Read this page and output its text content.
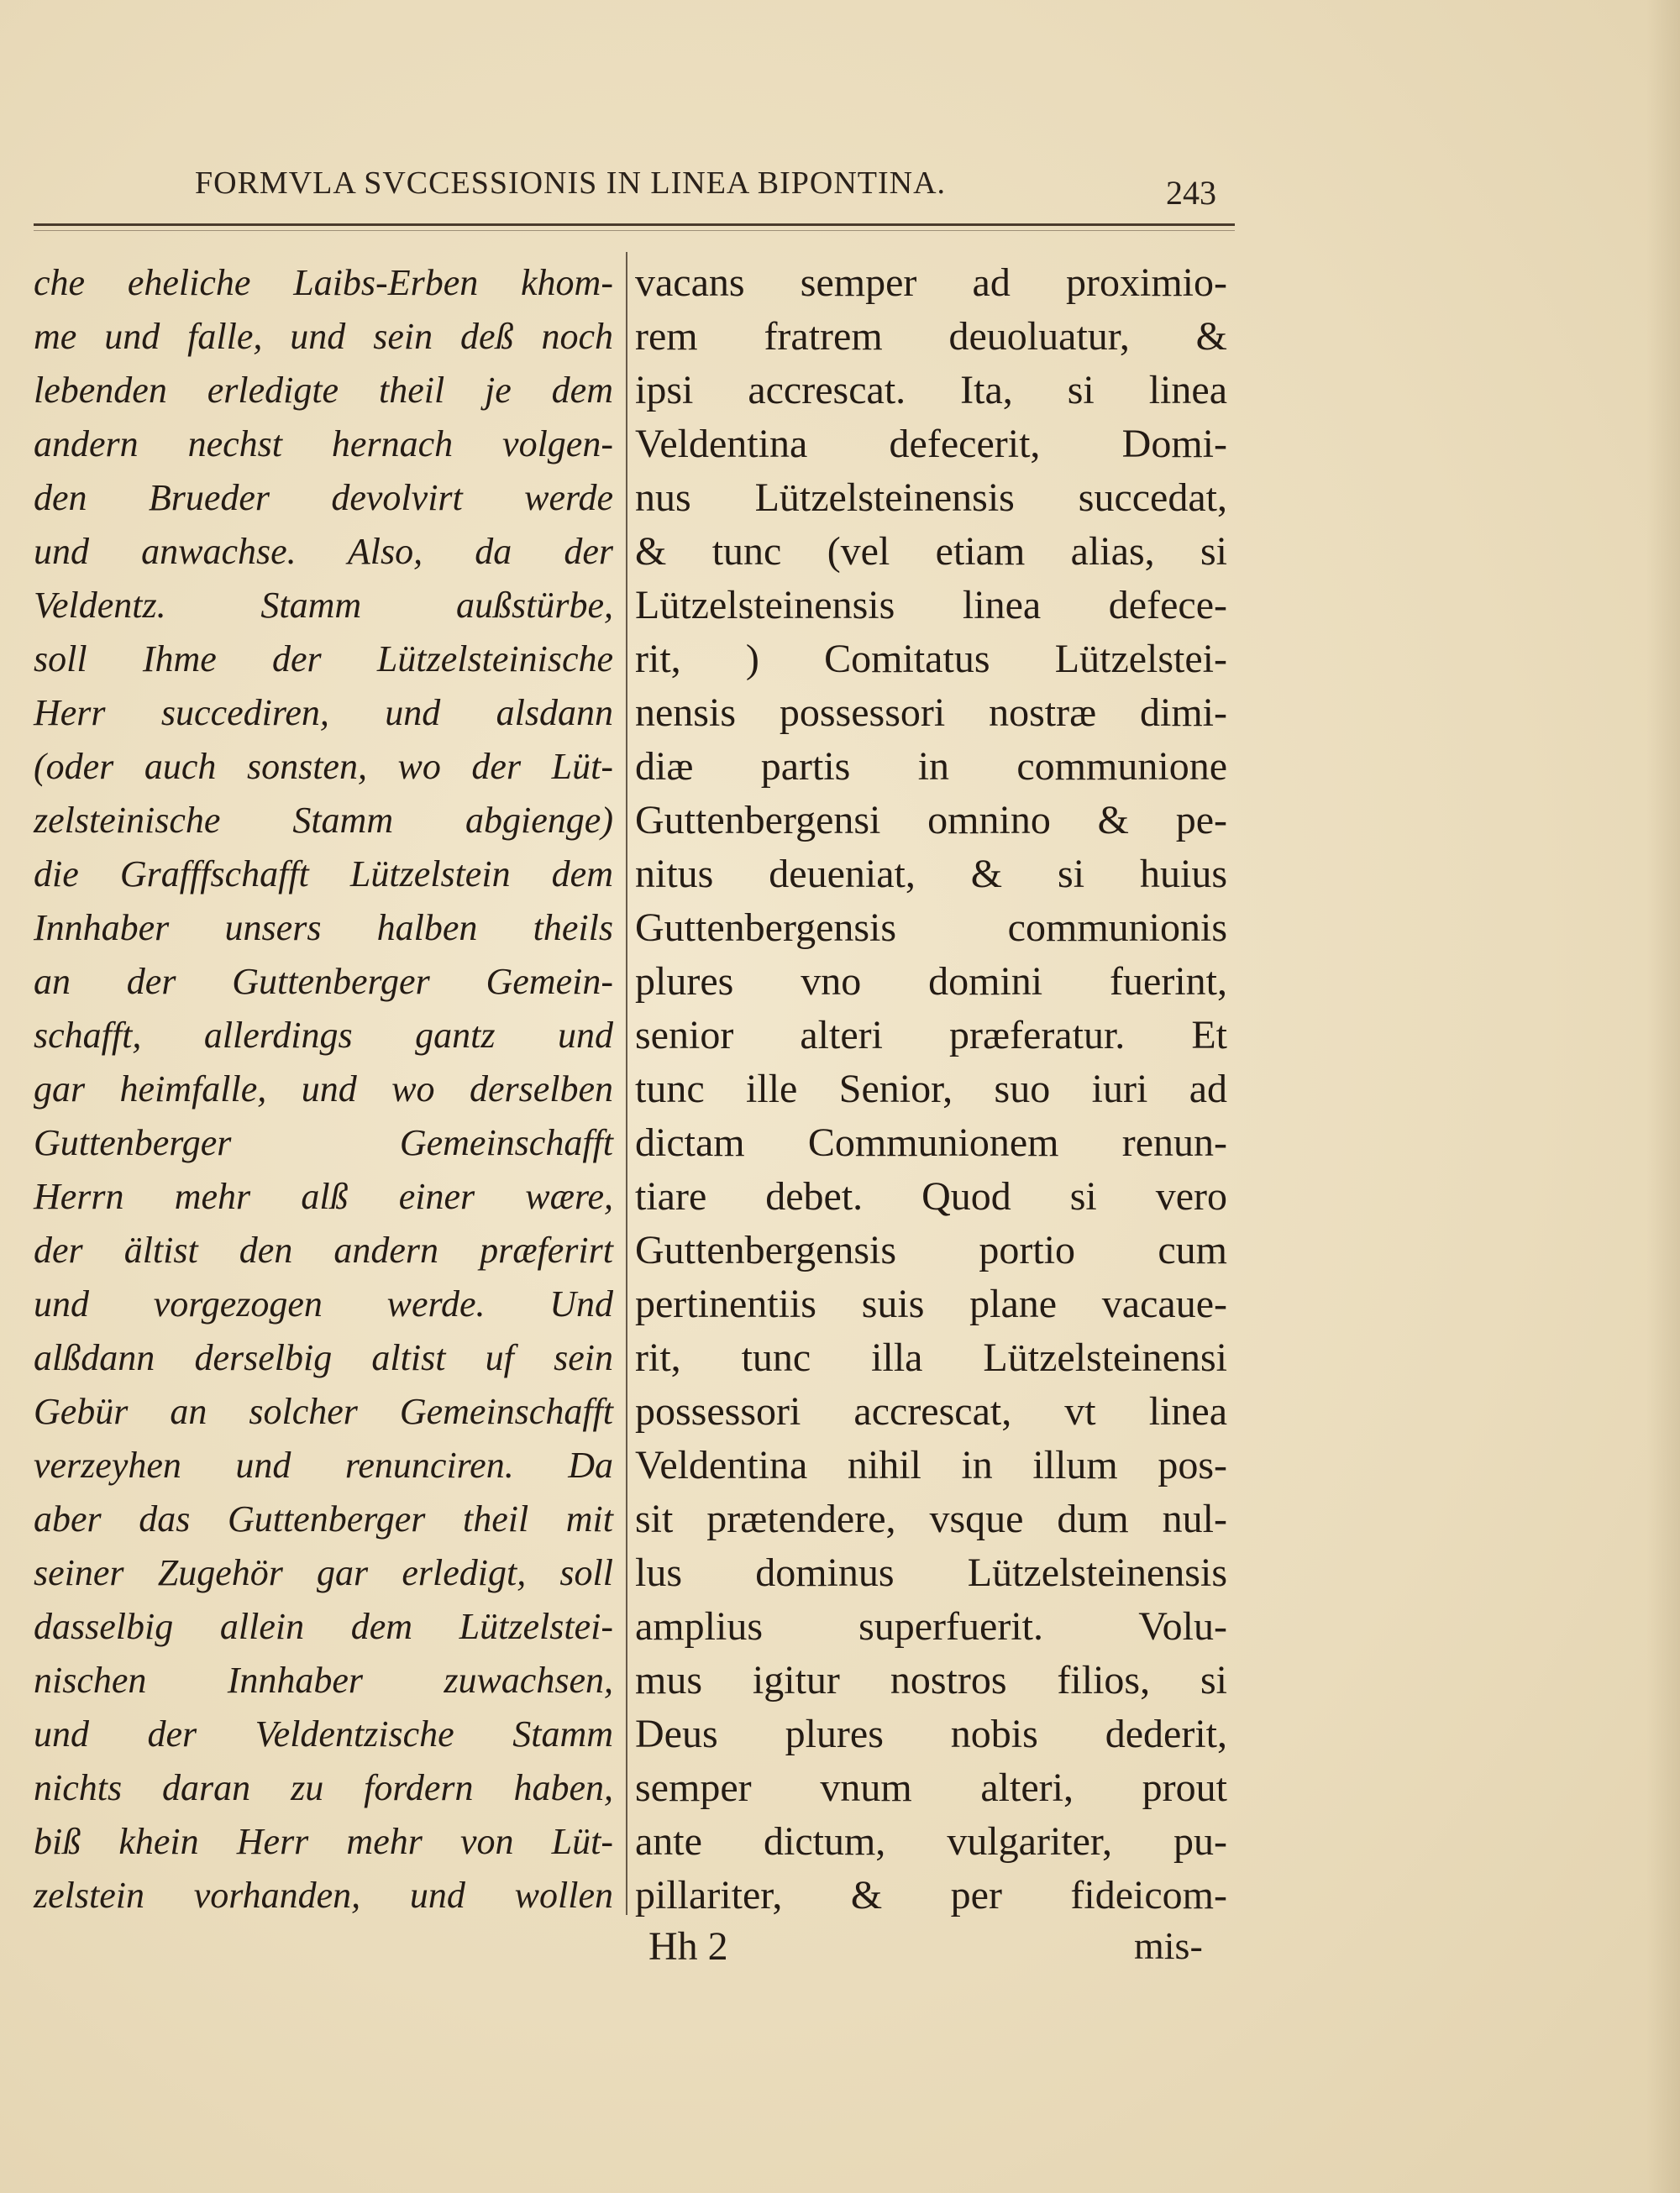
FORMVLA SVCCESSIONIS IN LINEA BIPONTINA.	243
che eheliche Laibs-Erben khom-
me und falle, und sein deß noch
lebenden erledigte theil je dem
andern nechst hernach volgen-
den Brueder devolvirt werde
und anwachse. Also, da der
Veldentz. Stamm außstürbe,
soll Ihme der Lützelsteinische
Herr succediren, und alsdann
(oder auch sonsten, wo der Lüt-
zelsteinische Stamm abgienge)
die Grafffschafft Lützelstein dem
Innhaber unsers halben theils
an der Guttenberger Gemein-
schafft, allerdings gantz und
gar heimfalle, und wo derselben
Guttenberger Gemeinschafft
Herrn mehr alß einer wære,
der ältist den andern præferirt
und vorgezogen werde. Und
alßdann derselbig altist uf sein
Gebür an solcher Gemeinschafft
verzeyhen und renunciren. Da
aber das Guttenberger theil mit
seiner Zugehör gar erledigt, soll
dasselbig allein dem Lützelstei-
nischen Innhaber zuwachsen,
und der Veldentzische Stamm
nichts daran zu fordern haben,
biß khein Herr mehr von Lüt-
zelstein vorhanden, und wollen
vacans semper ad proximio-
rem fratrem deuoluatur, &
ipsi accrescat. Ita, si linea
Veldentina defecerit, Domi-
nus Lützelsteinensis succedat,
& tunc (vel etiam alias, si
Lützelsteinensis linea defece-
rit, ) Comitatus Lützelstei-
nensis possessori nostræ dimi-
diæ partis in communione
Guttenbergensi omnino & pe-
nitus deueniat, & si huius
Guttenbergensis communionis
plures vno domini fuerint,
senior alteri præferatur. Et
tunc ille Senior, suo iuri ad
dictam Communionem renun-
tiare debet. Quod si vero
Guttenbergensis portio cum
pertinentiis suis plane vacaue-
rit, tunc illa Lützelsteinensi
possessori accrescat, vt linea
Veldentina nihil in illum pos-
sit prætendere, vsque dum nul-
lus dominus Lützelsteinensis
amplius superfuerit. Volu-
mus igitur nostros filios, si
Deus plures nobis dederit,
semper vnum alteri, prout
ante dictum, vulgariter, pu-
pillariter, & per fideicom-
Hh 2	mis-
